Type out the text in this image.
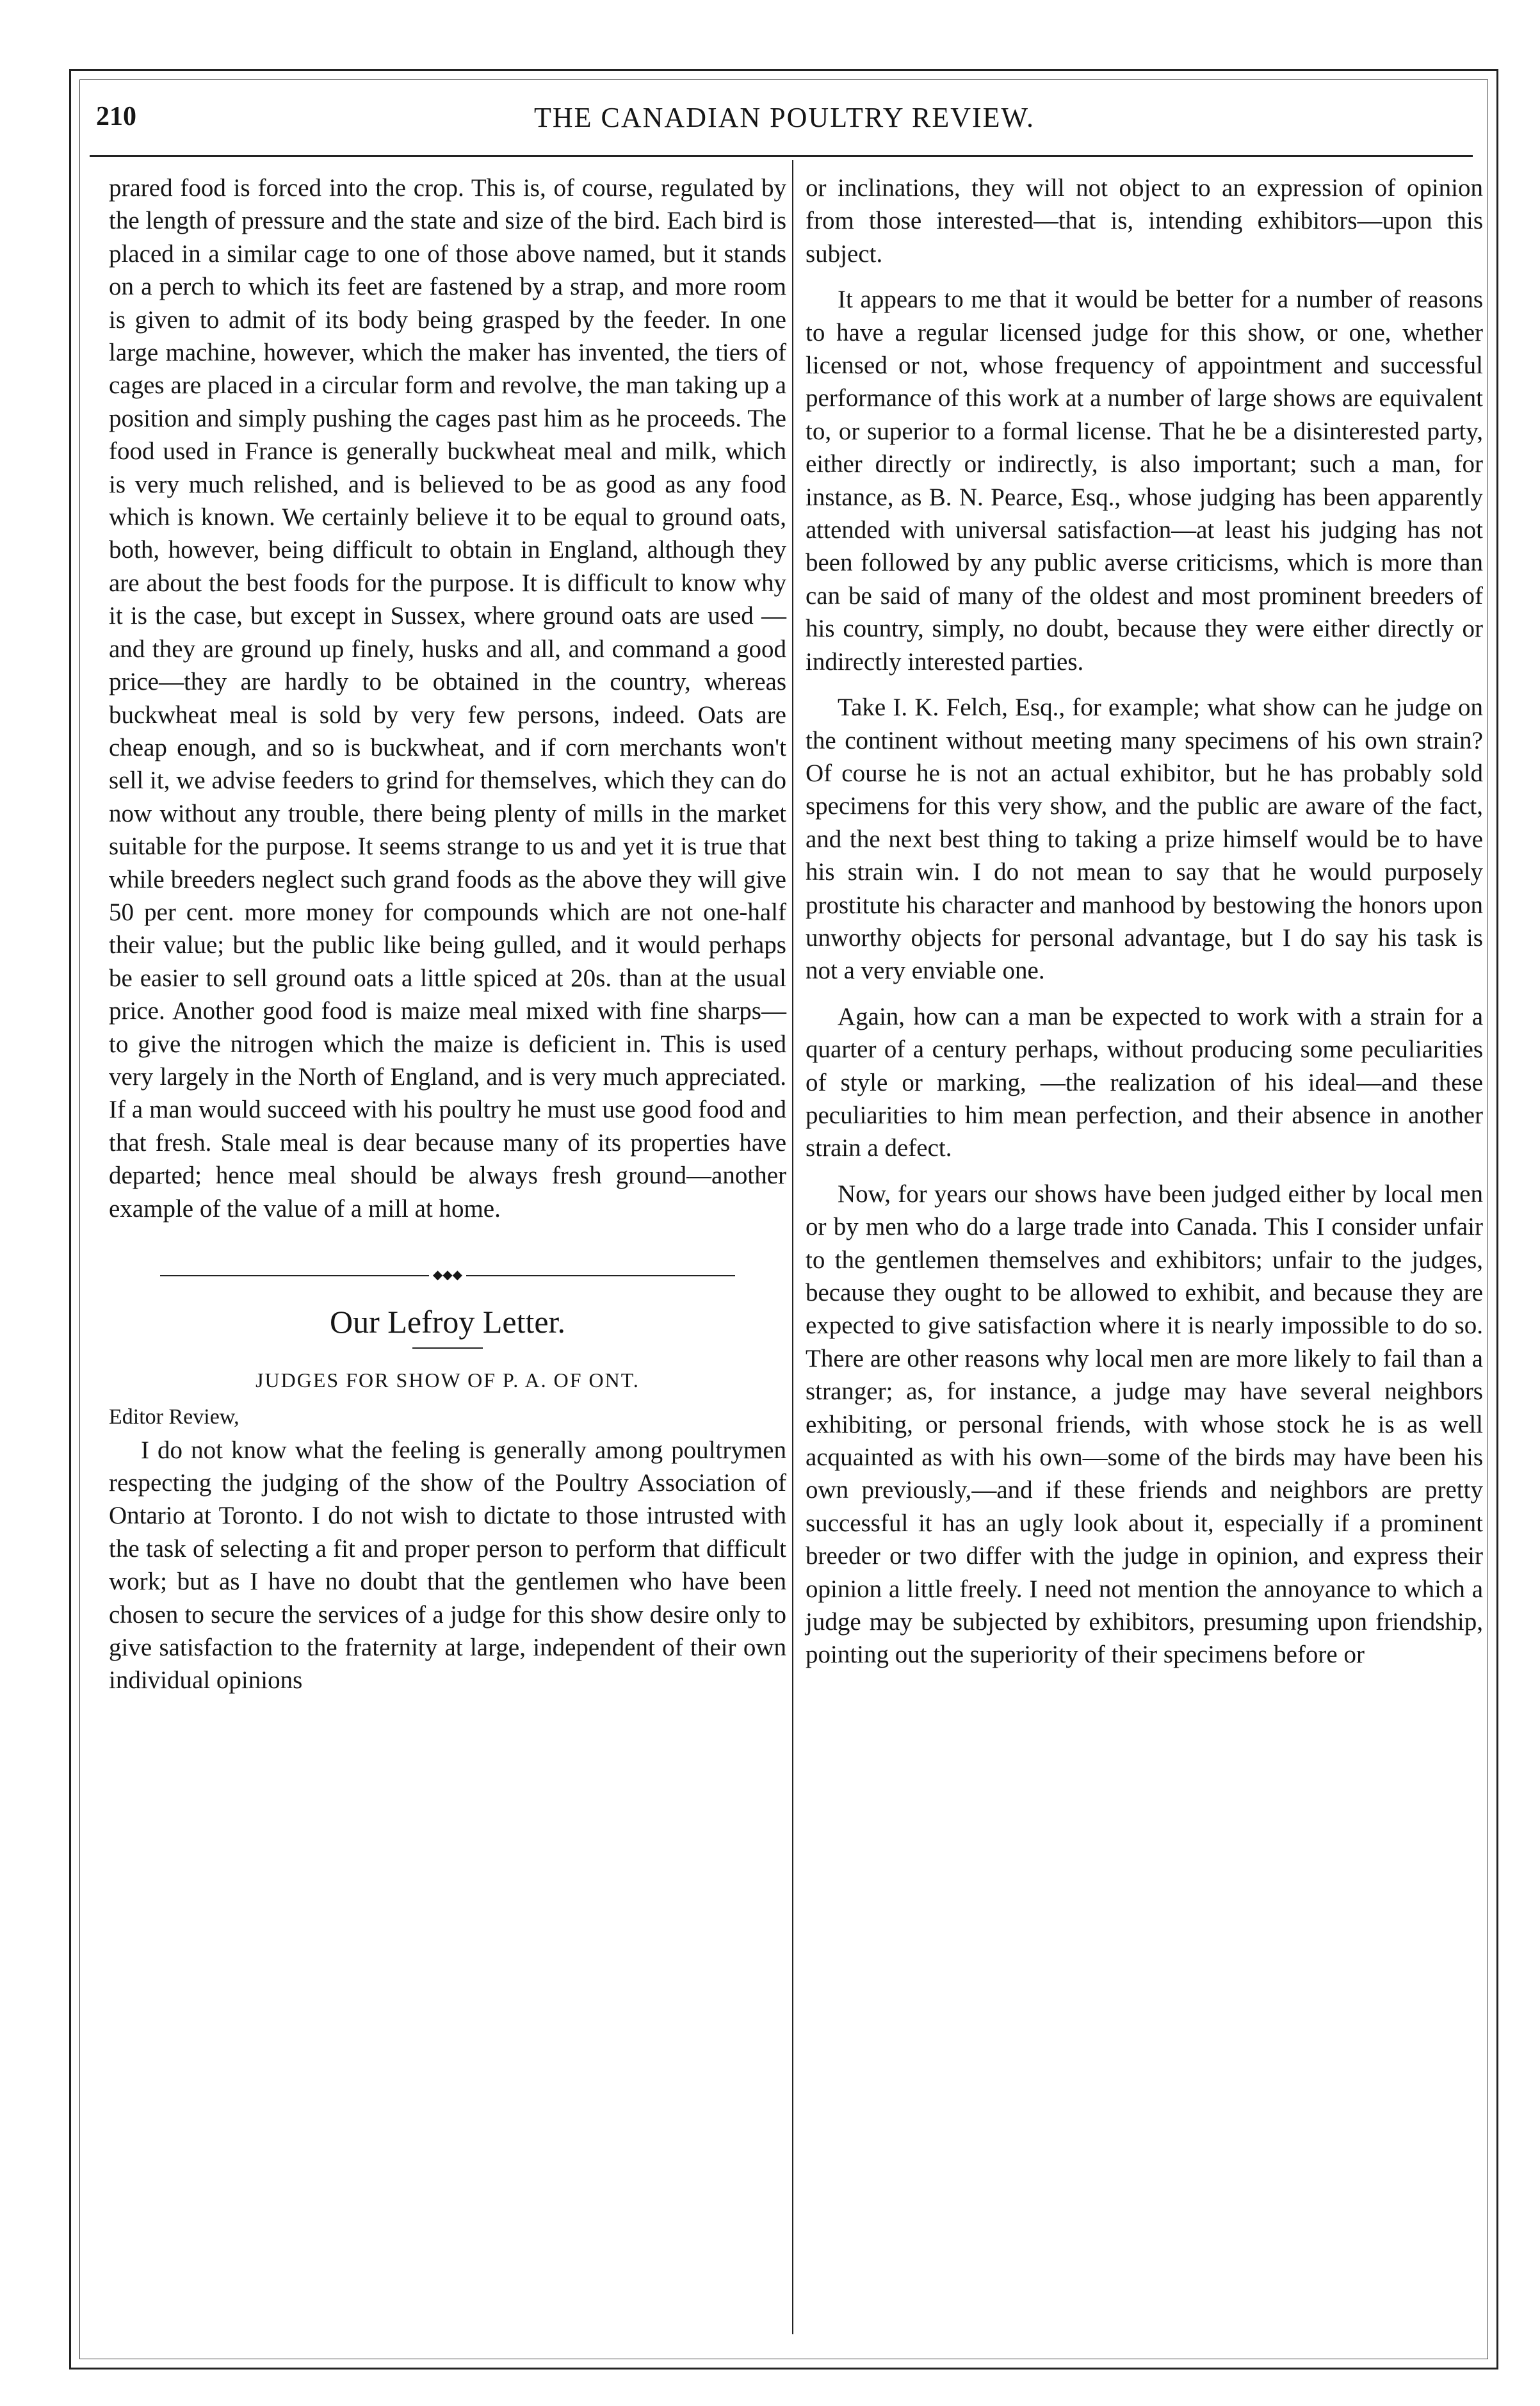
210	THE CANADIAN POULTRY REVIEW.

prared food is forced into the crop. This is, of course, regulated by the length of pressure and the state and size of the bird. Each bird is placed in a similar cage to one of those above named, but it stands on a perch to which its feet are fastened by a strap, and more room is given to admit of its body being grasped by the feeder. In one large machine, however, which the maker has invented, the tiers of cages are placed in a circular form and revolve, the man taking up a position and simply pushing the cages past him as he proceeds. The food used in France is generally buckwheat meal and milk, which is very much relished, and is believed to be as good as any food which is known. We certainly believe it to be equal to ground oats, both, however, being difficult to obtain in England, although they are about the best foods for the purpose. It is difficult to know why it is the case, but except in Sussex, where ground oats are used —and they are ground up finely, husks and all, and command a good price—they are hardly to be obtained in the country, whereas buckwheat meal is sold by very few persons, indeed. Oats are cheap enough, and so is buckwheat, and if corn merchants won't sell it, we advise feeders to grind for themselves, which they can do now without any trouble, there being plenty of mills in the market suitable for the purpose. It seems strange to us and yet it is true that while breeders neglect such grand foods as the above they will give 50 per cent. more money for compounds which are not one-half their value; but the public like being gulled, and it would perhaps be easier to sell ground oats a little spiced at 20s. than at the usual price. Another good food is maize meal mixed with fine sharps— to give the nitrogen which the maize is deficient in. This is used very largely in the North of England, and is very much appreciated. If a man would succeed with his poultry he must use good food and that fresh. Stale meal is dear because many of its properties have departed; hence meal should be always fresh ground—another example of the value of a mill at home.

◆◆◆
Our Lefroy Letter.
JUDGES FOR SHOW OF P. A. OF ONT.

Editor Review,

I do not know what the feeling is generally among poultrymen respecting the judging of the show of the Poultry Association of Ontario at Toronto. I do not wish to dictate to those intrusted with the task of selecting a fit and proper person to perform that difficult work; but as I have no doubt that the gentlemen who have been chosen to secure the services of a judge for this show desire only to give satisfaction to the fraternity at large, independent of their own individual opinions

or inclinations, they will not object to an expression of opinion from those interested—that is, intending exhibitors—upon this subject.

It appears to me that it would be better for a number of reasons to have a regular licensed judge for this show, or one, whether licensed or not, whose frequency of appointment and successful performance of this work at a number of large shows are equivalent to, or superior to a formal license. That he be a disinterested party, either directly or indirectly, is also important; such a man, for instance, as B. N. Pearce, Esq., whose judging has been apparently attended with universal satisfaction—at least his judging has not been followed by any public averse criticisms, which is more than can be said of many of the oldest and most prominent breeders of his country, simply, no doubt, because they were either directly or indirectly interested parties.

Take I. K. Felch, Esq., for example; what show can he judge on the continent without meeting many specimens of his own strain? Of course he is not an actual exhibitor, but he has probably sold specimens for this very show, and the public are aware of the fact, and the next best thing to taking a prize himself would be to have his strain win. I do not mean to say that he would purposely prostitute his character and manhood by bestowing the honors upon unworthy objects for personal advantage, but I do say his task is not a very enviable one.

Again, how can a man be expected to work with a strain for a quarter of a century perhaps, without producing some peculiarities of style or marking, —the realization of his ideal—and these peculiarities to him mean perfection, and their absence in another strain a defect.

Now, for years our shows have been judged either by local men or by men who do a large trade into Canada. This I consider unfair to the gentlemen themselves and exhibitors; unfair to the judges, because they ought to be allowed to exhibit, and because they are expected to give satisfaction where it is nearly impossible to do so. There are other reasons why local men are more likely to fail than a stranger; as, for instance, a judge may have several neighbors exhibiting, or personal friends, with whose stock he is as well acquainted as with his own—some of the birds may have been his own previously,—and if these friends and neighbors are pretty successful it has an ugly look about it, especially if a prominent breeder or two differ with the judge in opinion, and express their opinion a little freely. I need not mention the annoyance to which a judge may be subjected by exhibitors, presuming upon friendship, pointing out the superiority of their specimens before or
